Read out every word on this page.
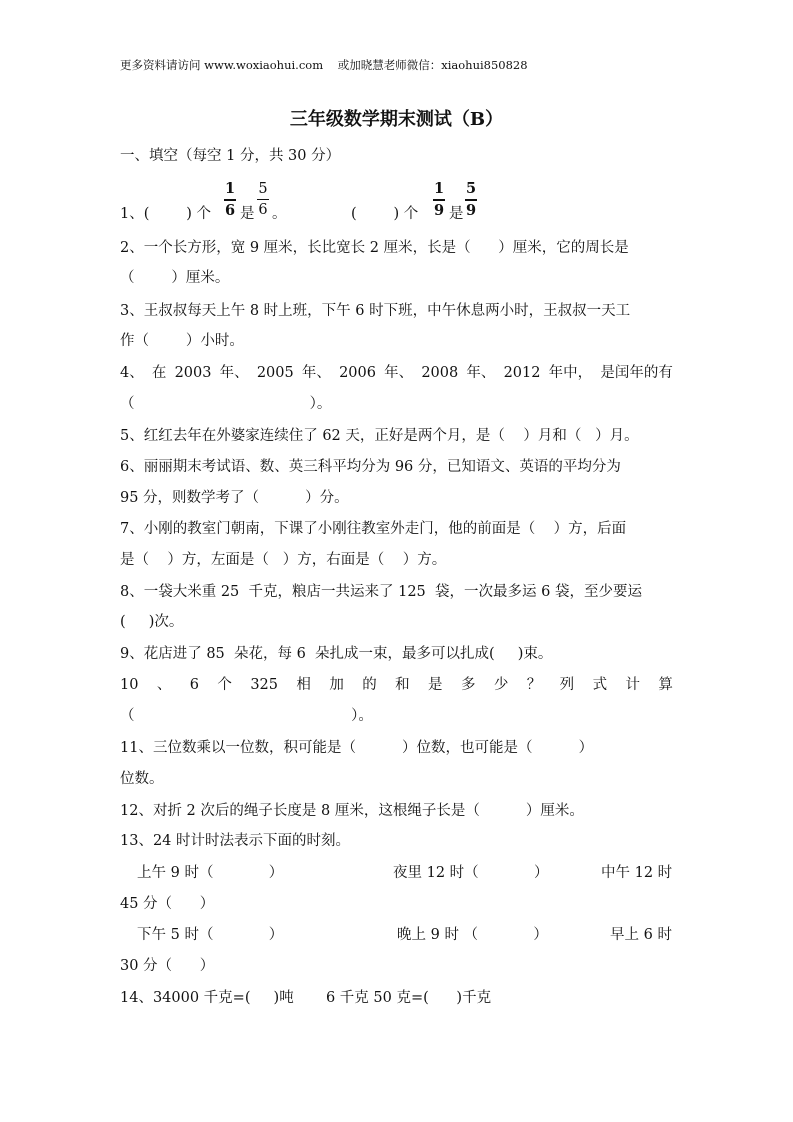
更多资料请访问 www.woxiaohui.com    或加晓慧老师微信：xiaohui850828
三年级数学期末测试（B）
一、填空（每空 1 分，共 30 分）
1、(        ) 个
1
6 是
5
6 。	(        ) 个
1
9 是
5
9
2、一个长方形，宽 9 厘米，长比宽长 2 厘米，长是（      ）厘米，它的周长是
（        ）厘米。
3、王叔叔每天上午 8 时上班，下午 6 时下班，中午休息两小时，王叔叔一天工
作（        ）小时。
4、 在 2003 年、 2005 年、 2006 年、 2008 年、 2012 年中， 是闰年的有
（                                      ）。
5、红红去年在外婆家连续住了 62 天，正好是两个月，是（    ）月和（   ）月。
6、丽丽期末考试语、数、英三科平均分为 96 分，已知语文、英语的平均分为
95 分，则数学考了（          ）分。
7、小刚的教室门朝南，下课了小刚往教室外走门，他的前面是（    ）方，后面
是（    ）方，左面是（   ）方，右面是（    ）方。
8、一袋大米重 25  千克，粮店一共运来了 125  袋，一次最多运 6 袋，至少要运
(     )次。
9、花店进了 85  朵花，每 6  朵扎成一束，最多可以扎成(     )束。
10 、 6 个 325 相 加 的 和 是 多 少 ？ 列 式 计 算
（                                               ）。
11、三位数乘以一位数，积可能是（          ）位数，也可能是（          ）
位数。
12、对折 2 次后的绳子长度是 8 厘米，这根绳子长是（          ）厘米。
13、24 时计时法表示下面的时刻。
上午 9 时（            ）	夜里 12 时（            ）	中午 12 时
45 分（      ）
下午 5 时（            ）	晚上 9 时 （            ）	早上 6 时
30 分（      ）
14、34000 千克=(     )吨       6 千克 50 克=(      )千克
